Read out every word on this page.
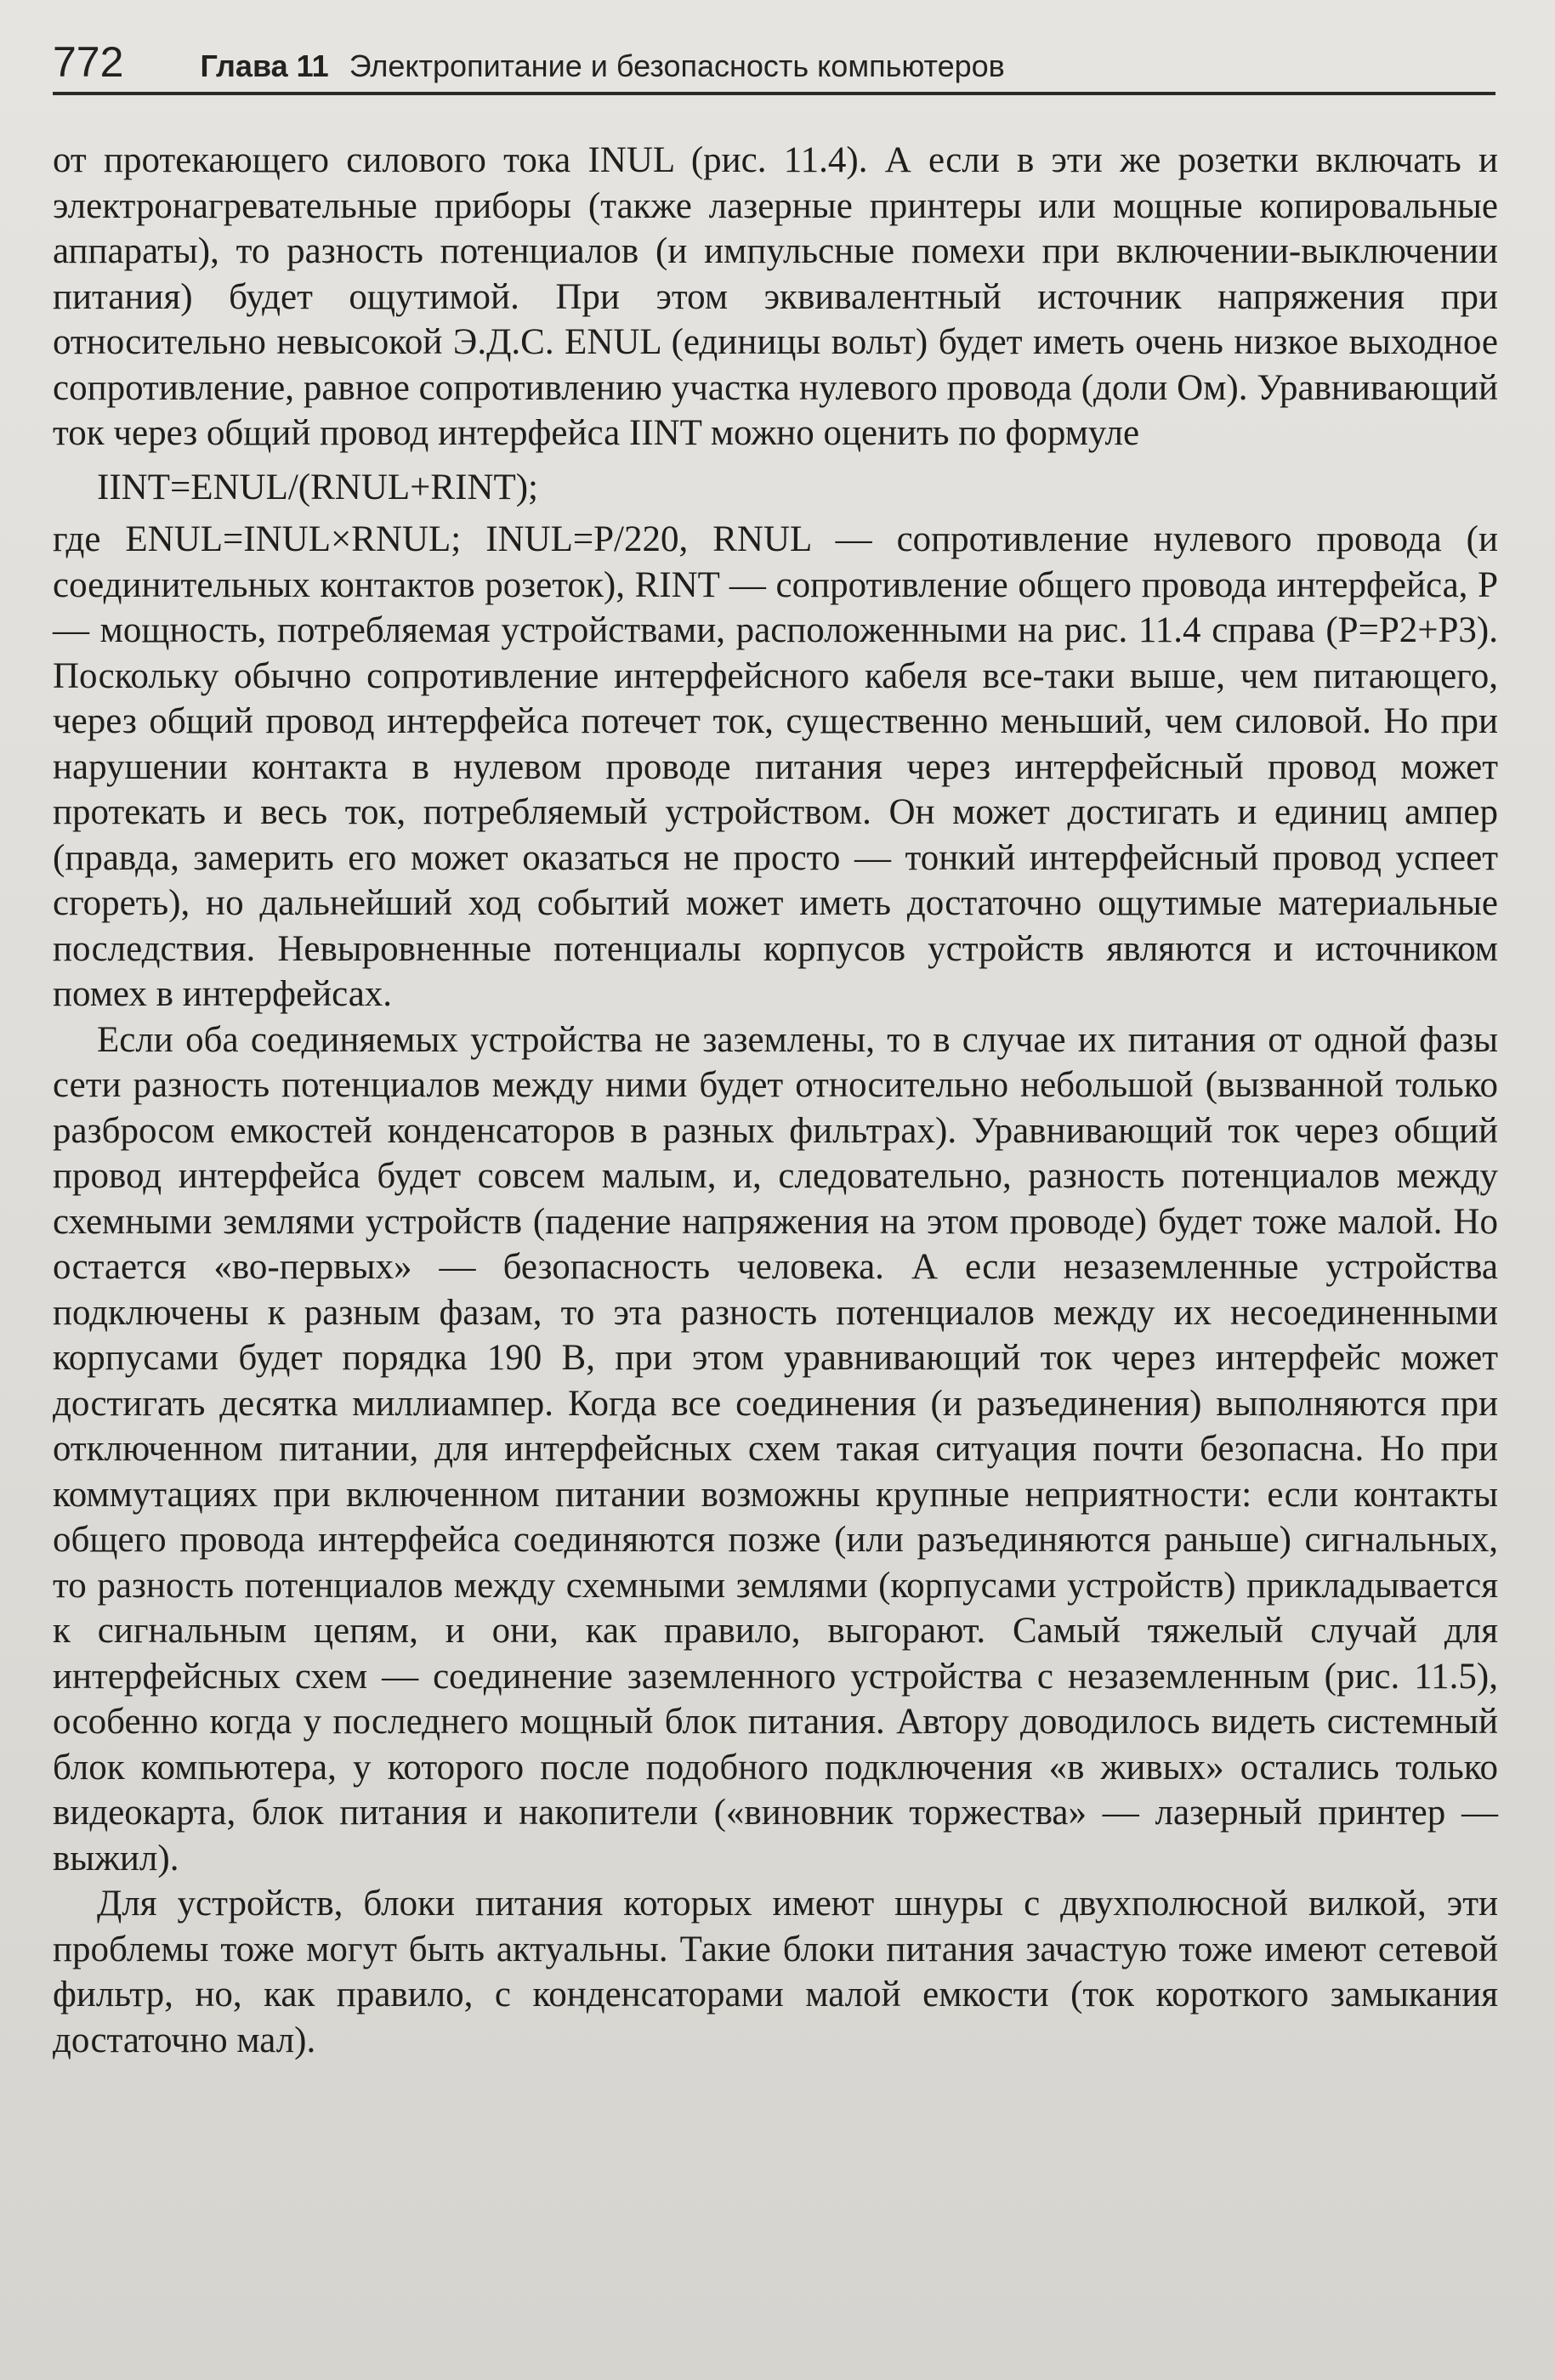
772	Глава 11 Электропитание и безопасность компьютеров

от протекающего силового тока INUL (рис. 11.4). А если в эти же розетки включать и электронагревательные приборы (также лазерные принтеры или мощные копировальные аппараты), то разность потенциалов (и импульсные помехи при включении-выключении питания) будет ощутимой. При этом эквивалентный источник напряжения при относительно невысокой Э.Д.С. ENUL (единицы вольт) будет иметь очень низкое выходное сопротивление, равное сопротивлению участка нулевого провода (доли Ом). Уравнивающий ток через общий провод интерфейса IINT можно оценить по формуле

IINT=ENUL/(RNUL+RINT);

где ENUL=INUL×RNUL; INUL=P/220, RNUL — сопротивление нулевого провода (и соединительных контактов розеток), RINT — сопротивление общего провода интерфейса, P — мощность, потребляемая устройствами, расположенными на рис. 11.4 справа (P=P2+P3). Поскольку обычно сопротивление интерфейсного кабеля все-таки выше, чем питающего, через общий провод интерфейса потечет ток, существенно меньший, чем силовой. Но при нарушении контакта в нулевом проводе питания через интерфейсный провод может протекать и весь ток, потребляемый устройством. Он может достигать и единиц ампер (правда, замерить его может оказаться не просто — тонкий интерфейсный провод успеет сгореть), но дальнейший ход событий может иметь достаточно ощутимые материальные последствия. Невыровненные потенциалы корпусов устройств являются и источником помех в интерфейсах.

Если оба соединяемых устройства не заземлены, то в случае их питания от одной фазы сети разность потенциалов между ними будет относительно небольшой (вызванной только разбросом емкостей конденсаторов в разных фильтрах). Уравнивающий ток через общий провод интерфейса будет совсем малым, и, следовательно, разность потенциалов между схемными землями устройств (падение напряжения на этом проводе) будет тоже малой. Но остается «во-первых» — безопасность человека. А если незаземленные устройства подключены к разным фазам, то эта разность потенциалов между их несоединенными корпусами будет порядка 190 В, при этом уравнивающий ток через интерфейс может достигать десятка миллиампер. Когда все соединения (и разъединения) выполняются при отключенном питании, для интерфейсных схем такая ситуация почти безопасна. Но при коммутациях при включенном питании возможны крупные неприятности: если контакты общего провода интерфейса соединяются позже (или разъединяются раньше) сигнальных, то разность потенциалов между схемными землями (корпусами устройств) прикладывается к сигнальным цепям, и они, как правило, выгорают. Самый тяжелый случай для интерфейсных схем — соединение заземленного устройства с незаземленным (рис. 11.5), особенно когда у последнего мощный блок питания. Автору доводилось видеть системный блок компьютера, у которого после подобного подключения «в живых» остались только видеокарта, блок питания и накопители («виновник торжества» — лазерный принтер — выжил).

Для устройств, блоки питания которых имеют шнуры с двухполюсной вилкой, эти проблемы тоже могут быть актуальны. Такие блоки питания зачастую тоже имеют сетевой фильтр, но, как правило, с конденсаторами малой емкости (ток короткого замыкания достаточно мал).
